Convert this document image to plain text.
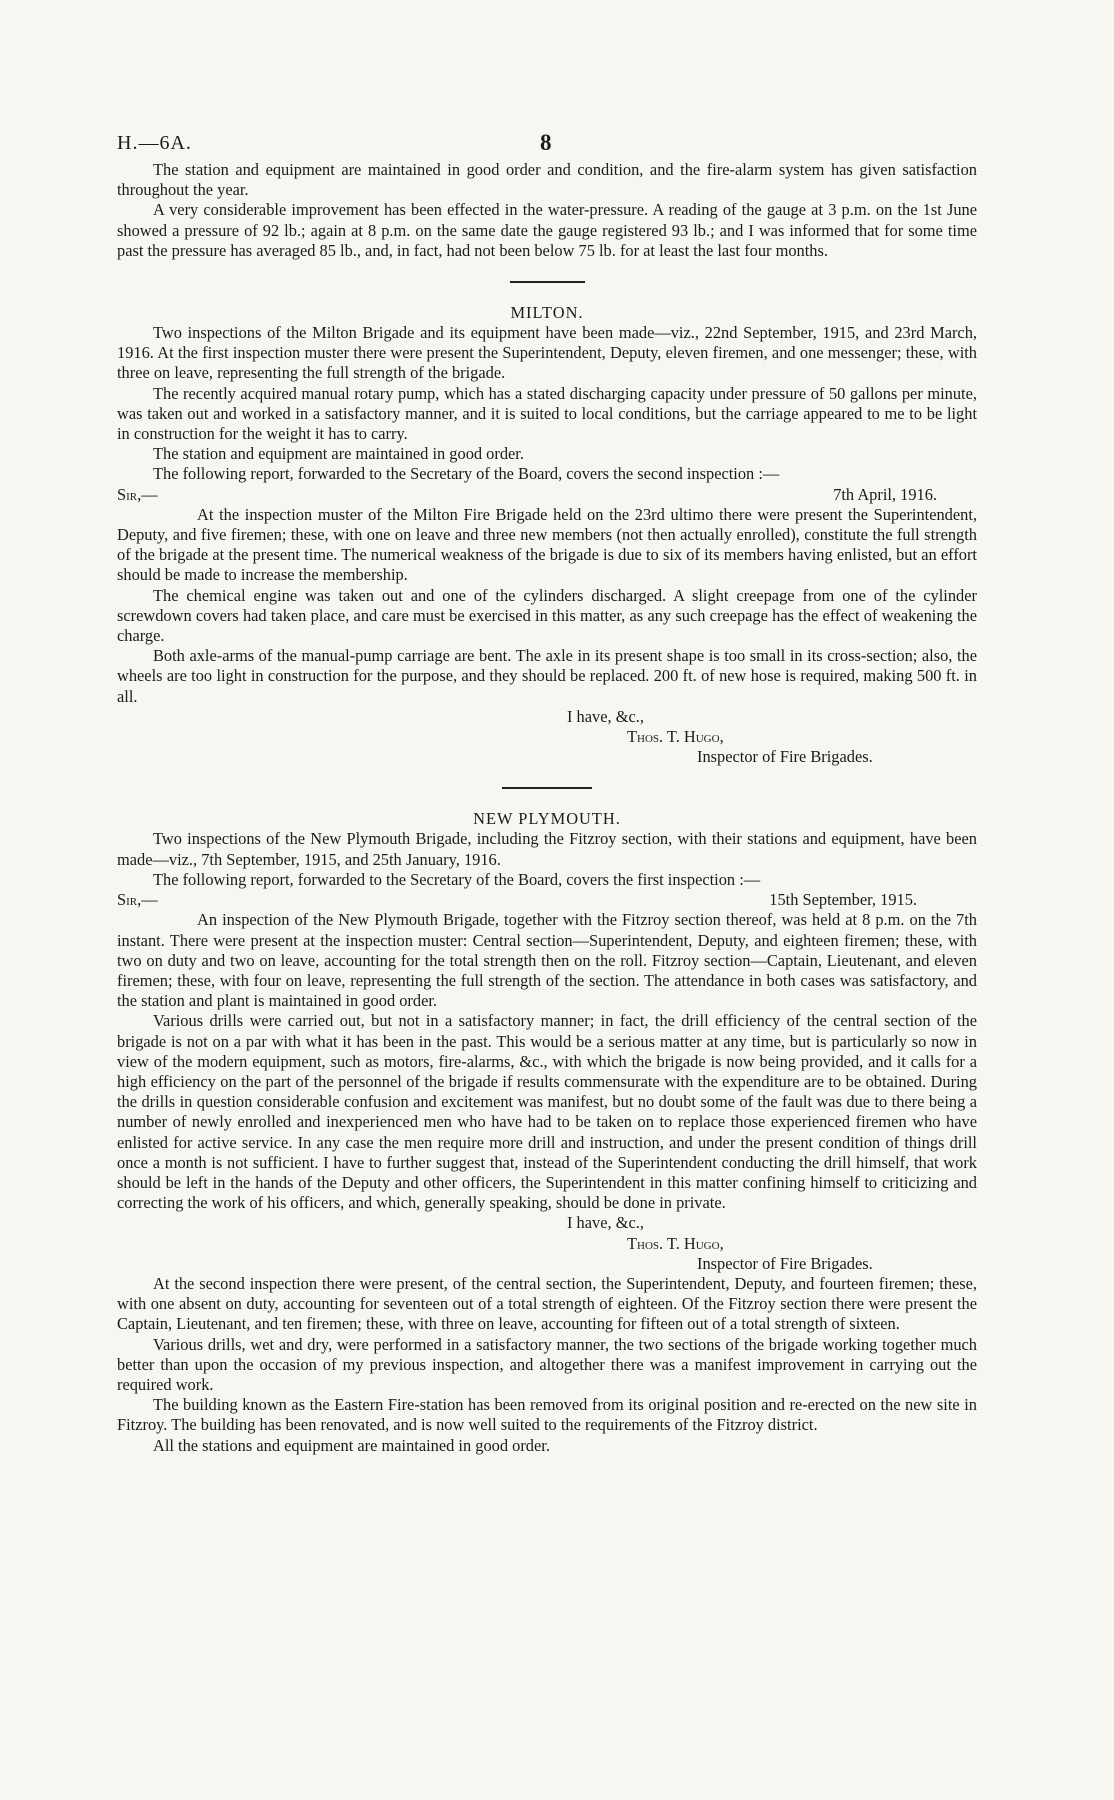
H.—6A.	8

The station and equipment are maintained in good order and condition, and the fire-alarm system has given satisfaction throughout the year.

A very considerable improvement has been effected in the water-pressure. A reading of the gauge at 3 p.m. on the 1st June showed a pressure of 92 lb.; again at 8 p.m. on the same date the gauge registered 93 lb.; and I was informed that for some time past the pressure has averaged 85 lb., and, in fact, had not been below 75 lb. for at least the last four months.

MILTON.

Two inspections of the Milton Brigade and its equipment have been made—viz., 22nd September, 1915, and 23rd March, 1916. At the first inspection muster there were present the Superintendent, Deputy, eleven firemen, and one messenger; these, with three on leave, representing the full strength of the brigade.

The recently acquired manual rotary pump, which has a stated discharging capacity under pressure of 50 gallons per minute, was taken out and worked in a satisfactory manner, and it is suited to local conditions, but the carriage appeared to me to be light in construction for the weight it has to carry.

The station and equipment are maintained in good order.

The following report, forwarded to the Secretary of the Board, covers the second inspection :—

Sir,—	7th April, 1916.

At the inspection muster of the Milton Fire Brigade held on the 23rd ultimo there were present the Superintendent, Deputy, and five firemen; these, with one on leave and three new members (not then actually enrolled), constitute the full strength of the brigade at the present time. The numerical weakness of the brigade is due to six of its members having enlisted, but an effort should be made to increase the membership.

The chemical engine was taken out and one of the cylinders discharged. A slight creepage from one of the cylinder screwdown covers had taken place, and care must be exercised in this matter, as any such creepage has the effect of weakening the charge.

Both axle-arms of the manual-pump carriage are bent. The axle in its present shape is too small in its cross-section; also, the wheels are too light in construction for the purpose, and they should be replaced. 200 ft. of new hose is required, making 500 ft. in all.

I have, &c.,
Thos. T. Hugo,
Inspector of Fire Brigades.
NEW PLYMOUTH.

Two inspections of the New Plymouth Brigade, including the Fitzroy section, with their stations and equipment, have been made—viz., 7th September, 1915, and 25th January, 1916.

The following report, forwarded to the Secretary of the Board, covers the first inspection :—

Sir,—	15th September, 1915.

An inspection of the New Plymouth Brigade, together with the Fitzroy section thereof, was held at 8 p.m. on the 7th instant. There were present at the inspection muster: Central section—Superintendent, Deputy, and eighteen firemen; these, with two on duty and two on leave, accounting for the total strength then on the roll. Fitzroy section—Captain, Lieutenant, and eleven firemen; these, with four on leave, representing the full strength of the section. The attendance in both cases was satisfactory, and the station and plant is maintained in good order.

Various drills were carried out, but not in a satisfactory manner; in fact, the drill efficiency of the central section of the brigade is not on a par with what it has been in the past. This would be a serious matter at any time, but is particularly so now in view of the modern equipment, such as motors, fire-alarms, &c., with which the brigade is now being provided, and it calls for a high efficiency on the part of the personnel of the brigade if results commensurate with the expenditure are to be obtained. During the drills in question considerable confusion and excitement was manifest, but no doubt some of the fault was due to there being a number of newly enrolled and inexperienced men who have had to be taken on to replace those experienced firemen who have enlisted for active service. In any case the men require more drill and instruction, and under the present condition of things drill once a month is not sufficient. I have to further suggest that, instead of the Superintendent conducting the drill himself, that work should be left in the hands of the Deputy and other officers, the Superintendent in this matter confining himself to criticizing and correcting the work of his officers, and which, generally speaking, should be done in private.

I have, &c.,
Thos. T. Hugo,
Inspector of Fire Brigades.

At the second inspection there were present, of the central section, the Superintendent, Deputy, and fourteen firemen; these, with one absent on duty, accounting for seventeen out of a total strength of eighteen. Of the Fitzroy section there were present the Captain, Lieutenant, and ten firemen; these, with three on leave, accounting for fifteen out of a total strength of sixteen.

Various drills, wet and dry, were performed in a satisfactory manner, the two sections of the brigade working together much better than upon the occasion of my previous inspection, and altogether there was a manifest improvement in carrying out the required work.

The building known as the Eastern Fire-station has been removed from its original position and re-erected on the new site in Fitzroy. The building has been renovated, and is now well suited to the requirements of the Fitzroy district.

All the stations and equipment are maintained in good order.
